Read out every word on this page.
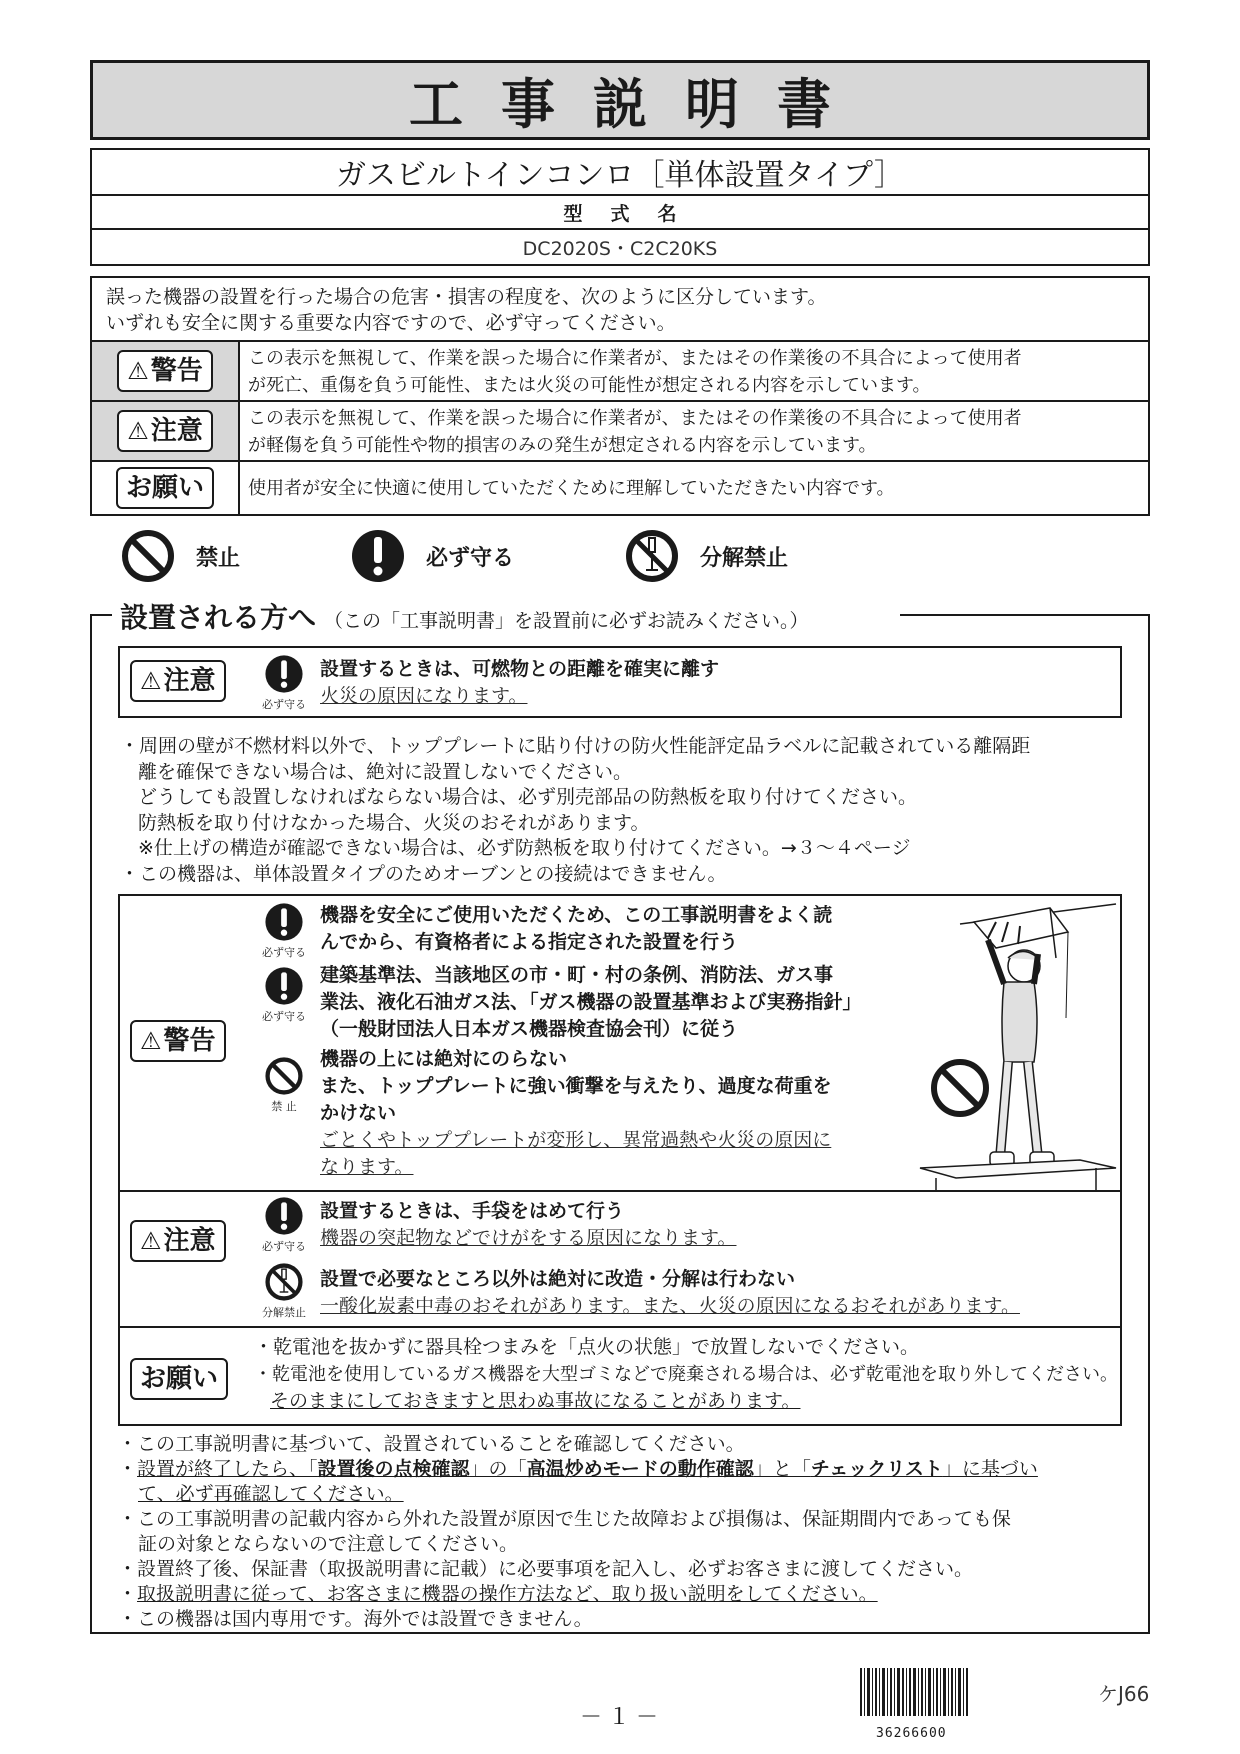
工事説明書
ガスビルトインコンロ［単体設置タイプ］
型式名
DC2020S・C2C20KS
誤った機器の設置を行った場合の危害・損害の程度を、次のように区分しています。
いずれも安全に関する重要な内容ですので、必ず守ってください。
⚠ 警告	この表示を無視して、作業を誤った場合に作業者が、またはその作業後の不具合によって使用者
が死亡、重傷を負う可能性、または火災の可能性が想定される内容を示しています。
⚠ 注意	この表示を無視して、作業を誤った場合に作業者が、またはその作業後の不具合によって使用者
が軽傷を負う可能性や物的損害のみの発生が想定される内容を示しています。
お願い 使用者が安全に快適に使用していただくために理解していただきたい内容です。
禁止	必ず守る	分解禁止
設置される方へ （この「工事説明書」を設置前に必ずお読みください。）
⚠ 注意
必ず守る
設置するときは、可燃物との距離を確実に離す
火災の原因になります。
・周囲の壁が不燃材料以外で、トッププレートに貼り付けの防火性能評定品ラベルに記載されている離隔距
離を確保できない場合は、絶対に設置しないでください。
どうしても設置しなければならない場合は、必ず別売部品の防熱板を取り付けてください。
防熱板を取り付けなかった場合、火災のおそれがあります。
※仕上げの構造が確認できない場合は、必ず防熱板を取り付けてください。→３～４ページ
・この機器は、単体設置タイプのためオーブンとの接続はできません。
⚠ 警告
必ず守る
機器を安全にご使用いただくため、この工事説明書をよく読
んでから、有資格者による指定された設置を行う
必ず守る
建築基準法、当該地区の市・町・村の条例、消防法、ガス事
業法、液化石油ガス法、「ガス機器の設置基準および実務指針」
（一般財団法人日本ガス機器検査協会刊）に従う
禁 止
機器の上には絶対にのらない
また、トッププレートに強い衝撃を与えたり、過度な荷重を
かけない
ごとくやトッププレートが変形し、異常過熱や火災の原因に
なります。
⚠ 注意	必ず守る
設置するときは、手袋をはめて行う
機器の突起物などでけがをする原因になります。
分解禁止
設置で必要なところ以外は絶対に改造・分解は行わない
一酸化炭素中毒のおそれがあります。また、火災の原因になるおそれがあります。
お願い
・乾電池を抜かずに器具栓つまみを「点火の状態」で放置しないでください。
・乾電池を使用しているガス機器を大型ゴミなどで廃棄される場合は、必ず乾電池を取り外してください。
そのままにしておきますと思わぬ事故になることがあります。
・この工事説明書に基づいて、設置されていることを確認してください。
・設置が終了したら、「設置後の点検確認」の「高温炒めモードの動作確認」と「チェックリスト」に基づい
て、必ず再確認してください。
・この工事説明書の記載内容から外れた設置が原因で生じた故障および損傷は、保証期間内であっても保
証の対象とならないので注意してください。
・設置終了後、保証書（取扱説明書に記載）に必要事項を記入し、必ずお客さまに渡してください。
・取扱説明書に従って、お客さまに機器の操作方法など、取り扱い説明をしてください。
・この機器は国内専用です。海外では設置できません。
36266600
ケJ66
－１－
